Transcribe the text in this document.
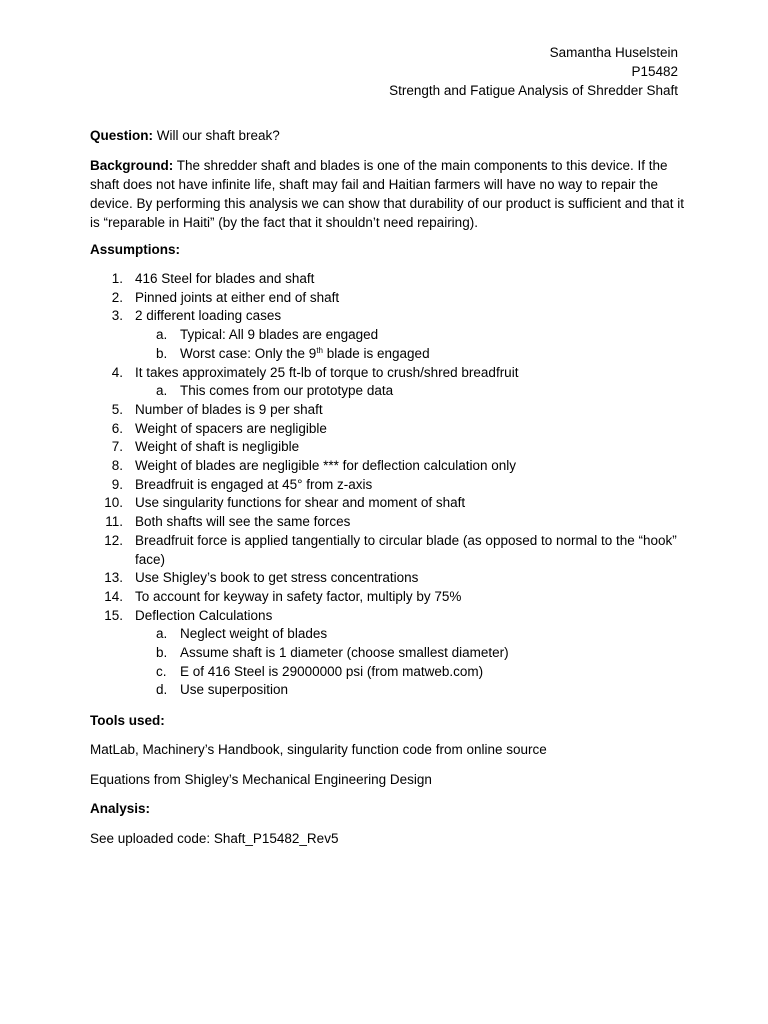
Samantha Huselstein
P15482
Strength and Fatigue Analysis of Shredder Shaft
Question: Will our shaft break?
Background: The shredder shaft and blades is one of the main components to this device. If the shaft does not have infinite life, shaft may fail and Haitian farmers will have no way to repair the device. By performing this analysis we can show that durability of our product is sufficient and that it is “reparable in Haiti” (by the fact that it shouldn’t need repairing).
Assumptions:
1. 416 Steel for blades and shaft
2. Pinned joints at either end of shaft
3. 2 different loading cases
a. Typical: All 9 blades are engaged
b. Worst case: Only the 9th blade is engaged
4. It takes approximately 25 ft-lb of torque to crush/shred breadfruit
a. This comes from our prototype data
5. Number of blades is 9 per shaft
6. Weight of spacers are negligible
7. Weight of shaft is negligible
8. Weight of blades are negligible *** for deflection calculation only
9. Breadfruit is engaged at 45° from z-axis
10. Use singularity functions for shear and moment of shaft
11. Both shafts will see the same forces
12. Breadfruit force is applied tangentially to circular blade (as opposed to normal to the “hook” face)
13. Use Shigley’s book to get stress concentrations
14. To account for keyway in safety factor, multiply by 75%
15. Deflection Calculations
a. Neglect weight of blades
b. Assume shaft is 1 diameter (choose smallest diameter)
c. E of 416 Steel is 29000000 psi (from matweb.com)
d. Use superposition
Tools used:
MatLab, Machinery’s Handbook, singularity function code from online source
Equations from Shigley’s Mechanical Engineering Design
Analysis:
See uploaded code: Shaft_P15482_Rev5
